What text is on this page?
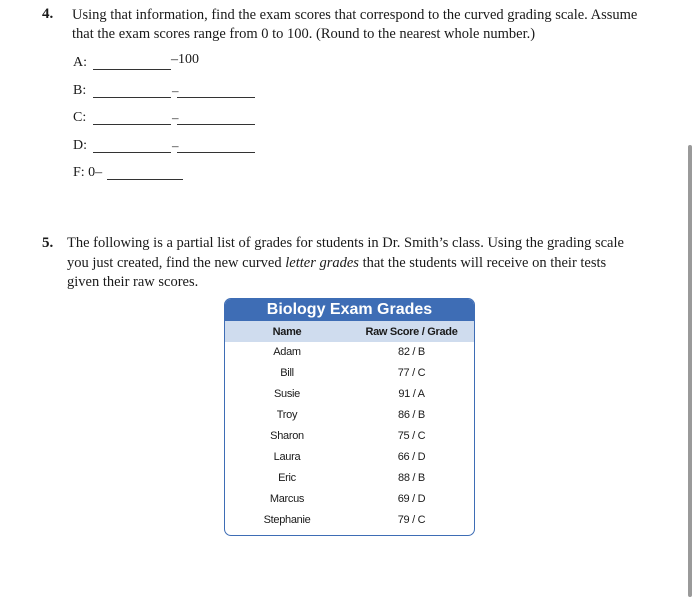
4. Using that information, find the exam scores that correspond to the curved grading scale. Assume
that the exam scores range from 0 to 100. (Round to the nearest whole number.)
A:	–100
B:	–
C:	–
D:	–
F: 0–
5. The following is a partial list of grades for students in Dr. Smith’s class. Using the grading scale
you just created, find the new curved letter grades that the students will receive on their tests
given their raw scores.
Biology Exam Grades
Name	Raw Score / Grade
Adam	82 / B
Bill	77 / C
Susie	91 / A
Troy	86 / B
Sharon	75 / C
Laura	66 / D
Eric	88 / B
Marcus	69 / D
Stephanie	79 / C
